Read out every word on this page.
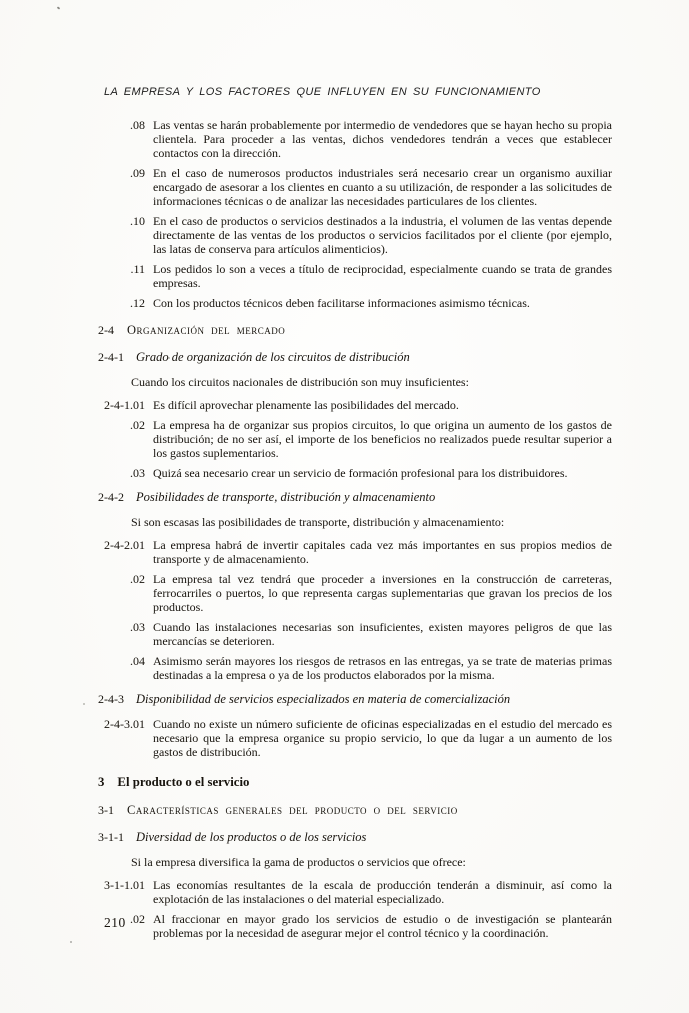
LA EMPRESA Y LOS FACTORES QUE INFLUYEN EN SU FUNCIONAMIENTO
.08 Las ventas se harán probablemente por intermedio de vendedores que se hayan hecho su propia clientela. Para proceder a las ventas, dichos vendedores tendrán a veces que establecer contactos con la dirección.

.09 En el caso de numerosos productos industriales será necesario crear un organismo auxiliar encargado de asesorar a los clientes en cuanto a su utilización, de responder a las solicitudes de informaciones técnicas o de analizar las necesidades particulares de los clientes.

.10 En el caso de productos o servicios destinados a la industria, el volumen de las ventas depende directamente de las ventas de los productos o servicios facilitados por el cliente (por ejemplo, las latas de conserva para artículos alimenticios).

.11 Los pedidos lo son a veces a título de reciprocidad, especialmente cuando se trata de grandes empresas.

.12 Con los productos técnicos deben facilitarse informaciones asimismo técnicas.

2-4 Organización del mercado
2-4-1 Grado de organización de los circuitos de distribución

Cuando los circuitos nacionales de distribución son muy insuficientes:

2-4-1.01 Es difícil aprovechar plenamente las posibilidades del mercado.

.02 La empresa ha de organizar sus propios circuitos, lo que origina un aumento de los gastos de distribución; de no ser así, el importe de los beneficios no realizados puede resultar superior a los gastos suplementarios.

.03 Quizá sea necesario crear un servicio de formación profesional para los distribuidores.

2-4-2 Posibilidades de transporte, distribución y almacenamiento

Si son escasas las posibilidades de transporte, distribución y almacenamiento:

2-4-2.01 La empresa habrá de invertir capitales cada vez más importantes en sus propios medios de transporte y de almacenamiento.

.02 La empresa tal vez tendrá que proceder a inversiones en la construcción de carreteras, ferrocarriles o puertos, lo que representa cargas suplementarias que gravan los precios de los productos.

.03 Cuando las instalaciones necesarias son insuficientes, existen mayores peligros de que las mercancías se deterioren.

.04 Asimismo serán mayores los riesgos de retrasos en las entregas, ya se trate de materias primas destinadas a la empresa o ya de los productos elaborados por la misma.

2-4-3 Disponibilidad de servicios especializados en materia de comercialización
2-4-3.01 Cuando no existe un número suficiente de oficinas especializadas en el estudio del mercado es necesario que la empresa organice su propio servicio, lo que da lugar a un aumento de los gastos de distribución.

3 El producto o el servicio
3-1 Características generales del producto o del servicio
3-1-1 Diversidad de los productos o de los servicios

Si la empresa diversifica la gama de productos o servicios que ofrece:

3-1-1.01 Las economías resultantes de la escala de producción tenderán a disminuir, así como la explotación de las instalaciones o del material especializado.

.02 Al fraccionar en mayor grado los servicios de estudio o de investigación se plantearán problemas por la necesidad de asegurar mejor el control técnico y la coordinación.

210
